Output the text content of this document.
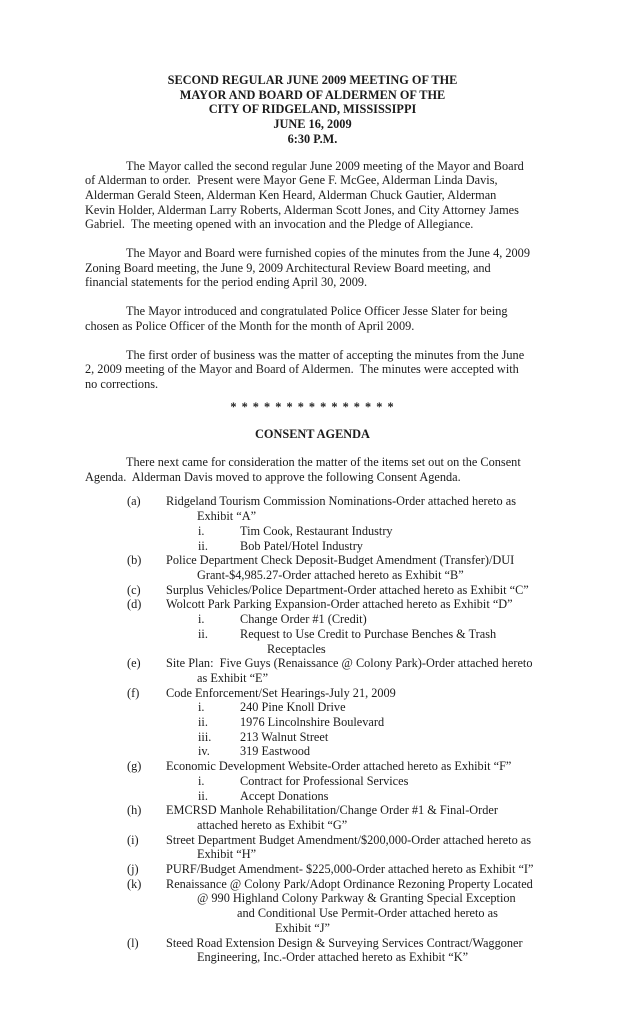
SECOND REGULAR JUNE 2009 MEETING OF THE
MAYOR AND BOARD OF ALDERMEN OF THE
CITY OF RIDGELAND, MISSISSIPPI
JUNE 16, 2009
6:30 P.M.
The Mayor called the second regular June 2009 meeting of the Mayor and Board
of Alderman to order.  Present were Mayor Gene F. McGee, Alderman Linda Davis,
Alderman Gerald Steen, Alderman Ken Heard, Alderman Chuck Gautier, Alderman
Kevin Holder, Alderman Larry Roberts, Alderman Scott Jones, and City Attorney James
Gabriel.  The meeting opened with an invocation and the Pledge of Allegiance.
The Mayor and Board were furnished copies of the minutes from the June 4, 2009
Zoning Board meeting, the June 9, 2009 Architectural Review Board meeting, and
financial statements for the period ending April 30, 2009.
The Mayor introduced and congratulated Police Officer Jesse Slater for being
chosen as Police Officer of the Month for the month of April 2009.
The first order of business was the matter of accepting the minutes from the June
2, 2009 meeting of the Mayor and Board of Aldermen.  The minutes were accepted with
no corrections.
* * * * * * * * * * * * * * *
CONSENT AGENDA
There next came for consideration the matter of the items set out on the Consent
Agenda.  Alderman Davis moved to approve the following Consent Agenda.
(a) Ridgeland Tourism Commission Nominations-Order attached hereto as
Exhibit “A”
i.	Tim Cook, Restaurant Industry
ii.	Bob Patel/Hotel Industry
(b) Police Department Check Deposit-Budget Amendment (Transfer)/DUI
Grant-$4,985.27-Order attached hereto as Exhibit “B”
(c) Surplus Vehicles/Police Department-Order attached hereto as Exhibit “C”
(d) Wolcott Park Parking Expansion-Order attached hereto as Exhibit “D”
i.	Change Order #1 (Credit)
ii.	Request to Use Credit to Purchase Benches & Trash
Receptacles
(e) Site Plan:  Five Guys (Renaissance @ Colony Park)-Order attached hereto
as Exhibit “E”
(f) Code Enforcement/Set Hearings-July 21, 2009
i.	240 Pine Knoll Drive
ii.	1976 Lincolnshire Boulevard
iii. 213 Walnut Street
iv. 319 Eastwood
(g) Economic Development Website-Order attached hereto as Exhibit “F”
i.	Contract for Professional Services
ii.	Accept Donations
(h) EMCRSD Manhole Rehabilitation/Change Order #1 & Final-Order
attached hereto as Exhibit “G”
(i) Street Department Budget Amendment/$200,000-Order attached hereto as
Exhibit “H”
(j) PURF/Budget Amendment- $225,000-Order attached hereto as Exhibit “I”
(k) Renaissance @ Colony Park/Adopt Ordinance Rezoning Property Located
@ 990 Highland Colony Parkway & Granting Special Exception
and Conditional Use Permit-Order attached hereto as
Exhibit “J”
(l) Steed Road Extension Design & Surveying Services Contract/Waggoner
Engineering, Inc.-Order attached hereto as Exhibit “K”
